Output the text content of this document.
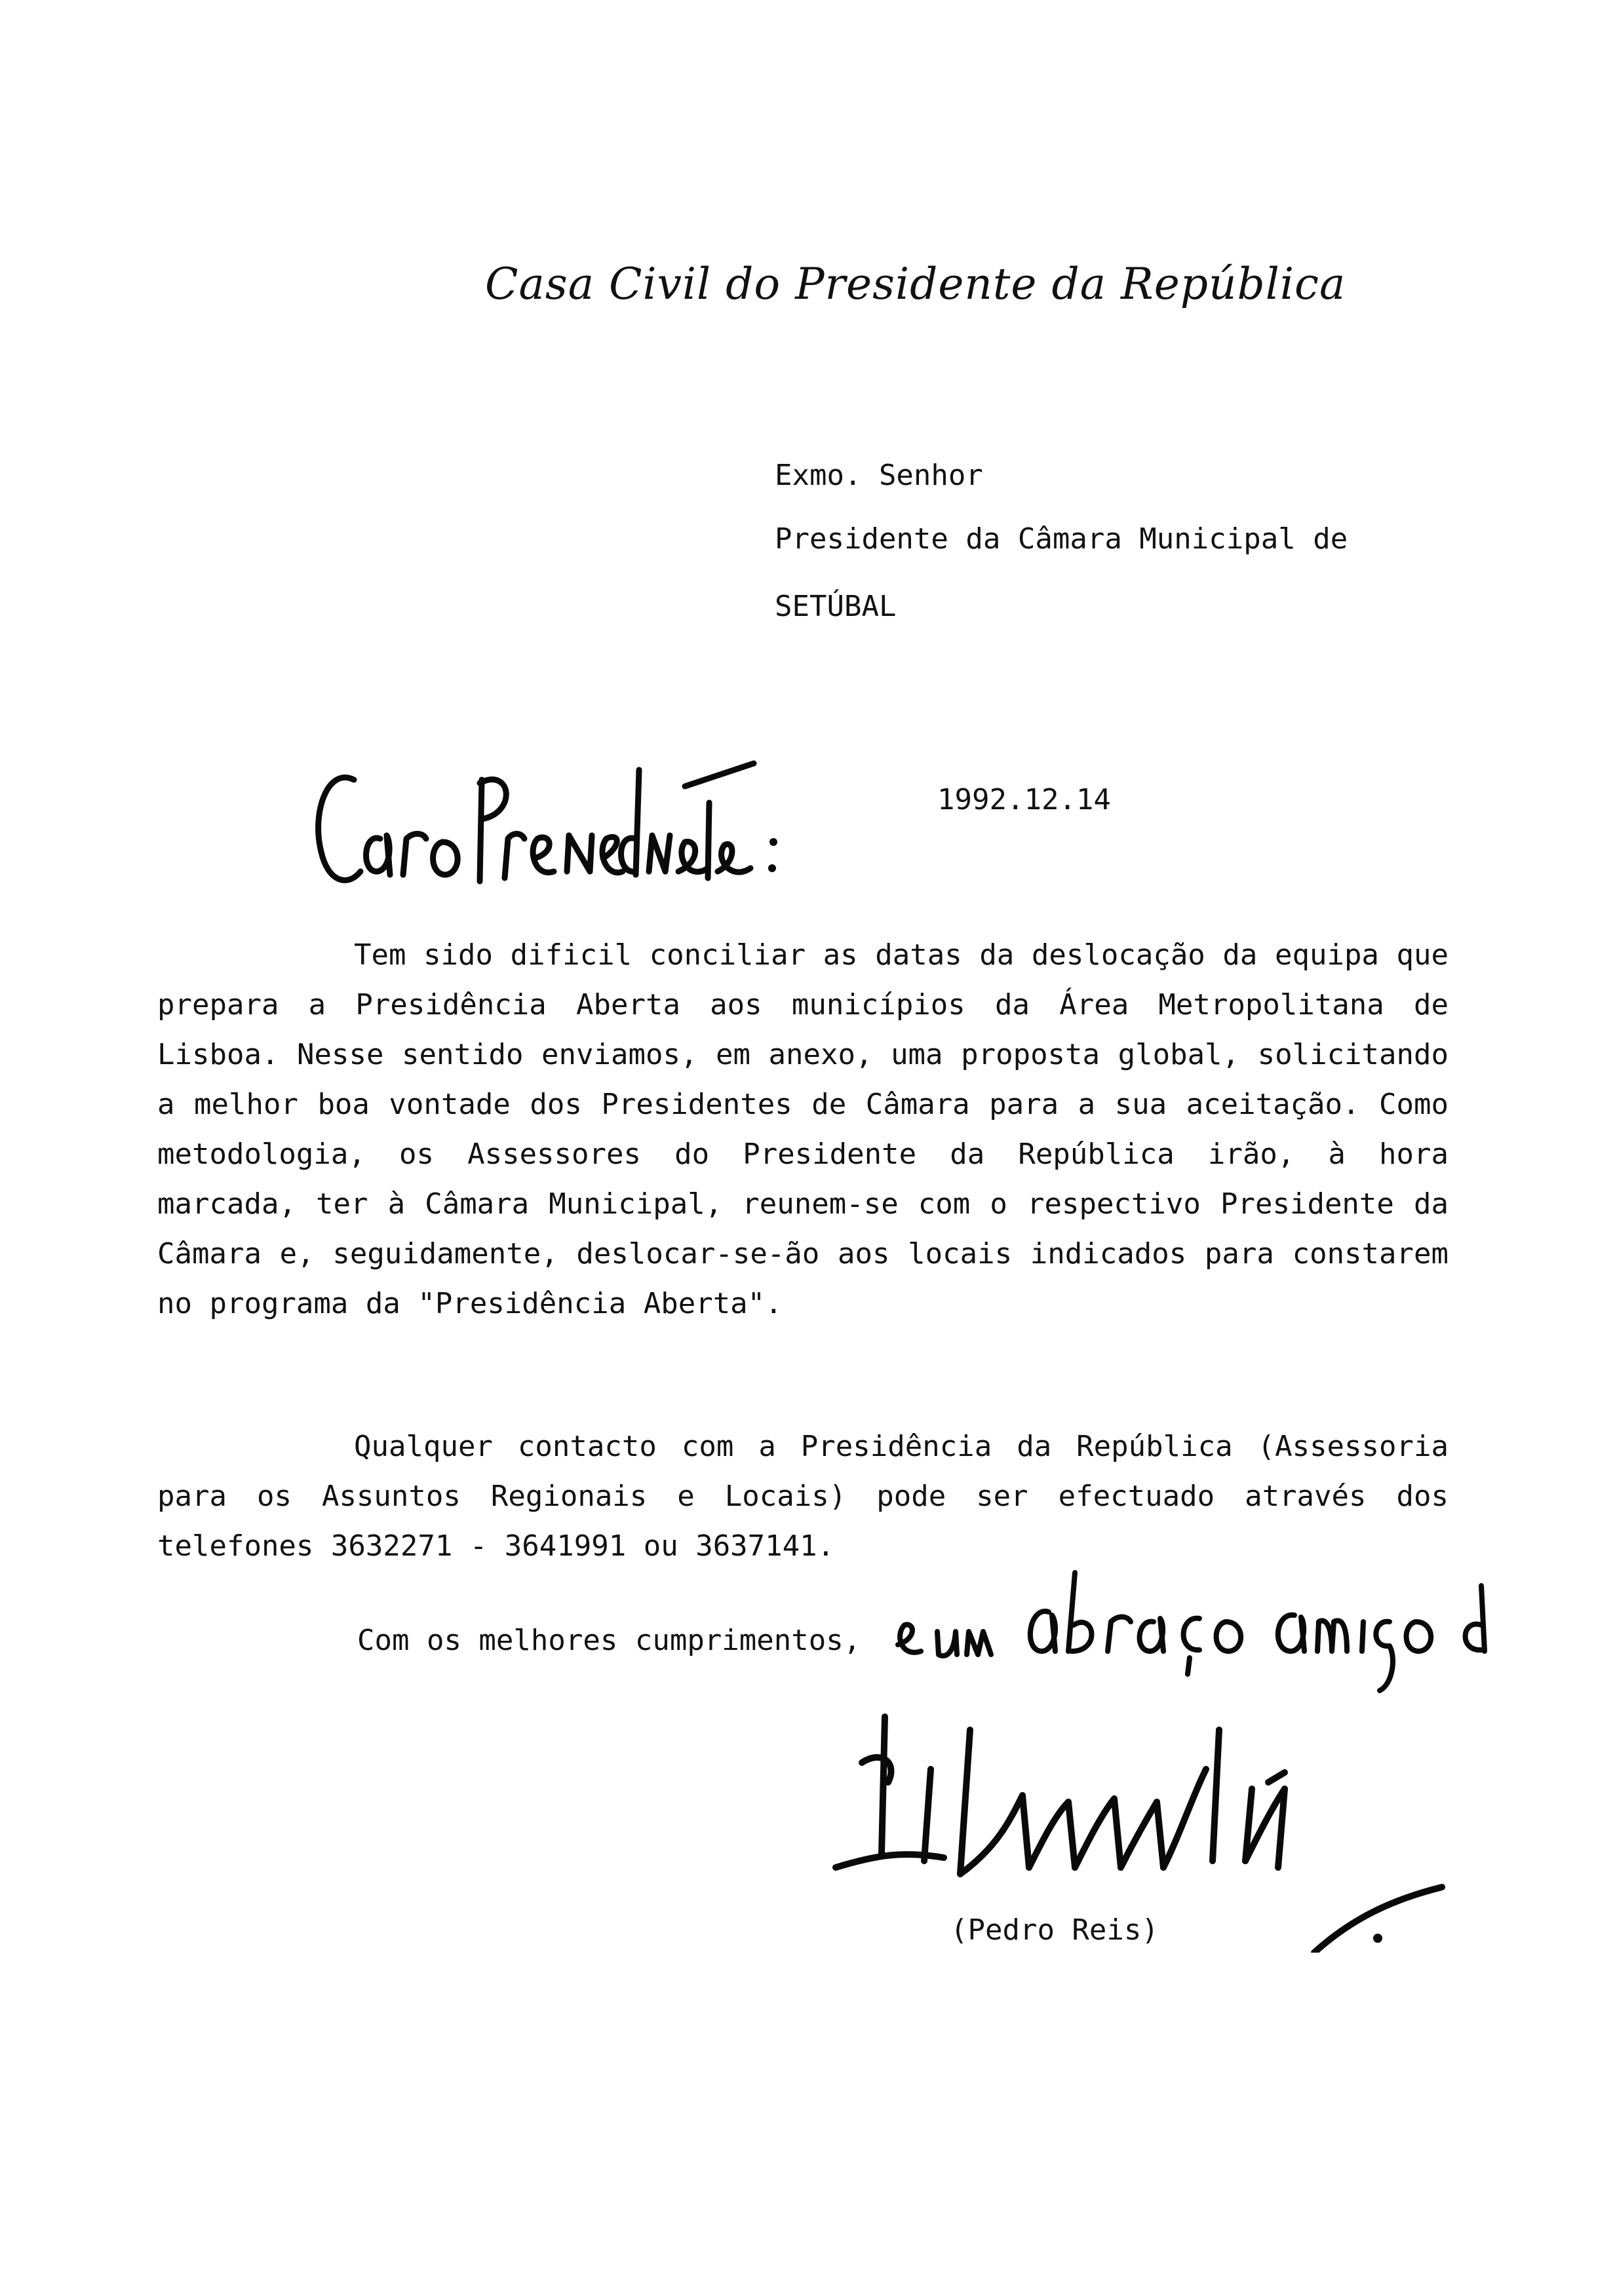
Casa Civil do Presidente da República
Exmo. Senhor
Presidente da Câmara Municipal de
SETÚBAL
1992.12.14

Tem sido dificil conciliar as datas da deslocação da equipa que prepara a Presidência Aberta aos municípios da Área Metropolitana de Lisboa. Nesse sentido enviamos, em anexo, uma proposta global, solicitando a melhor boa vontade dos Presidentes de Câmara para a sua aceitação. Como metodologia, os Assessores do Presidente da República irão, à hora marcada, ter à Câmara Municipal, reunem-se com o respectivo Presidente da Câmara e, seguidamente, deslocar-se-ão aos locais indicados para constarem no programa da "Presidência Aberta".

Qualquer contacto com a Presidência da República (Assessoria para os Assuntos Regionais e Locais) pode ser efectuado através dos telefones 3632271 - 3641991 ou 3637141.

Com os melhores cumprimentos,
(Pedro Reis)
